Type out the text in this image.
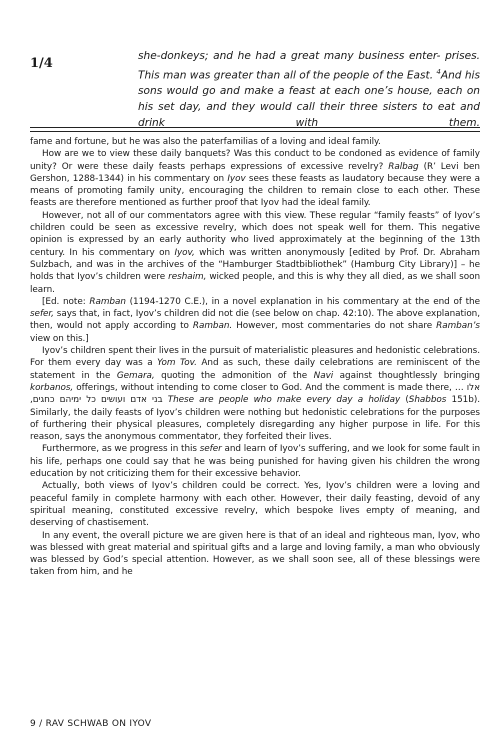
1/4	she-donkeys; and he had a great many business enter- prises. This man was greater than all of the people of the East. $^4$And his sons would go and make a feast at each one’s house, each on his set day, and they would call their three sisters to eat and drink with them.

fame and fortune, but he was also the paterfamilias of a loving and ideal family.

How are we to view these daily banquets? Was this conduct to be condoned as evidence of family unity? Or were these daily feasts perhaps expressions of excessive revelry? Ralbag (R’ Levi ben Gershon, 1288-1344) in his commentary on Iyov sees these feasts as laudatory because they were a means of promoting family unity, encouraging the children to remain close to each other. These feasts are therefore mentioned as further proof that Iyov had the ideal family.

However, not all of our commentators agree with this view. These regular “family feasts” of Iyov’s children could be seen as excessive revelry, which does not speak well for them. This negative opinion is expressed by an early authority who lived approximately at the beginning of the 13th century. In his commentary on Iyov, which was written anonymously [edited by Prof. Dr. Abraham Sulzbach, and was in the archives of the “Hamburger Stadtbibliothek” (Hamburg City Library)] – he holds that Iyov’s children were reshaim, wicked people, and this is why they all died, as we shall soon learn.

[Ed. note: Ramban (1194-1270 C.E.), in a novel explanation in his commentary at the end of the sefer, says that, in fact, Iyov’s children did not die (see below on chap. 42:10). The above explanation, then, would not apply according to Ramban. However, most commentaries do not share Ramban’s view on this.]

Iyov’s children spent their lives in the pursuit of materialistic pleasures and hedonistic celebrations. For them every day was a Yom Tov. And as such, these daily celebrations are reminiscent of the statement in the Gemara, quoting the admonition of the Navi against thoughtlessly bringing korbanos, offerings, without intending to come closer to God. And the comment is made there, … אלו בני אדם ועושים כל ימיהם כחגים, These are people who make every day a holiday (Shabbos 151b). Similarly, the daily feasts of Iyov’s children were nothing but hedonistic celebrations for the purposes of furthering their physical pleasures, completely disregarding any higher purpose in life. For this reason, says the anonymous commentator, they forfeited their lives.

Furthermore, as we progress in this sefer and learn of Iyov’s suffering, and we look for some fault in his life, perhaps one could say that he was being punished for having given his children the wrong education by not criticizing them for their excessive behavior.

Actually, both views of Iyov’s children could be correct. Yes, Iyov’s children were a loving and peaceful family in complete harmony with each other. However, their daily feasting, devoid of any spiritual meaning, constituted excessive revelry, which bespoke lives empty of meaning, and deserving of chastisement.

In any event, the overall picture we are given here is that of an ideal and righteous man, Iyov, who was blessed with great material and spiritual gifts and a large and loving family, a man who obviously was blessed by God’s special attention. However, as we shall soon see, all of these blessings were taken from him, and he

9 / RAV SCHWAB ON IYOV
